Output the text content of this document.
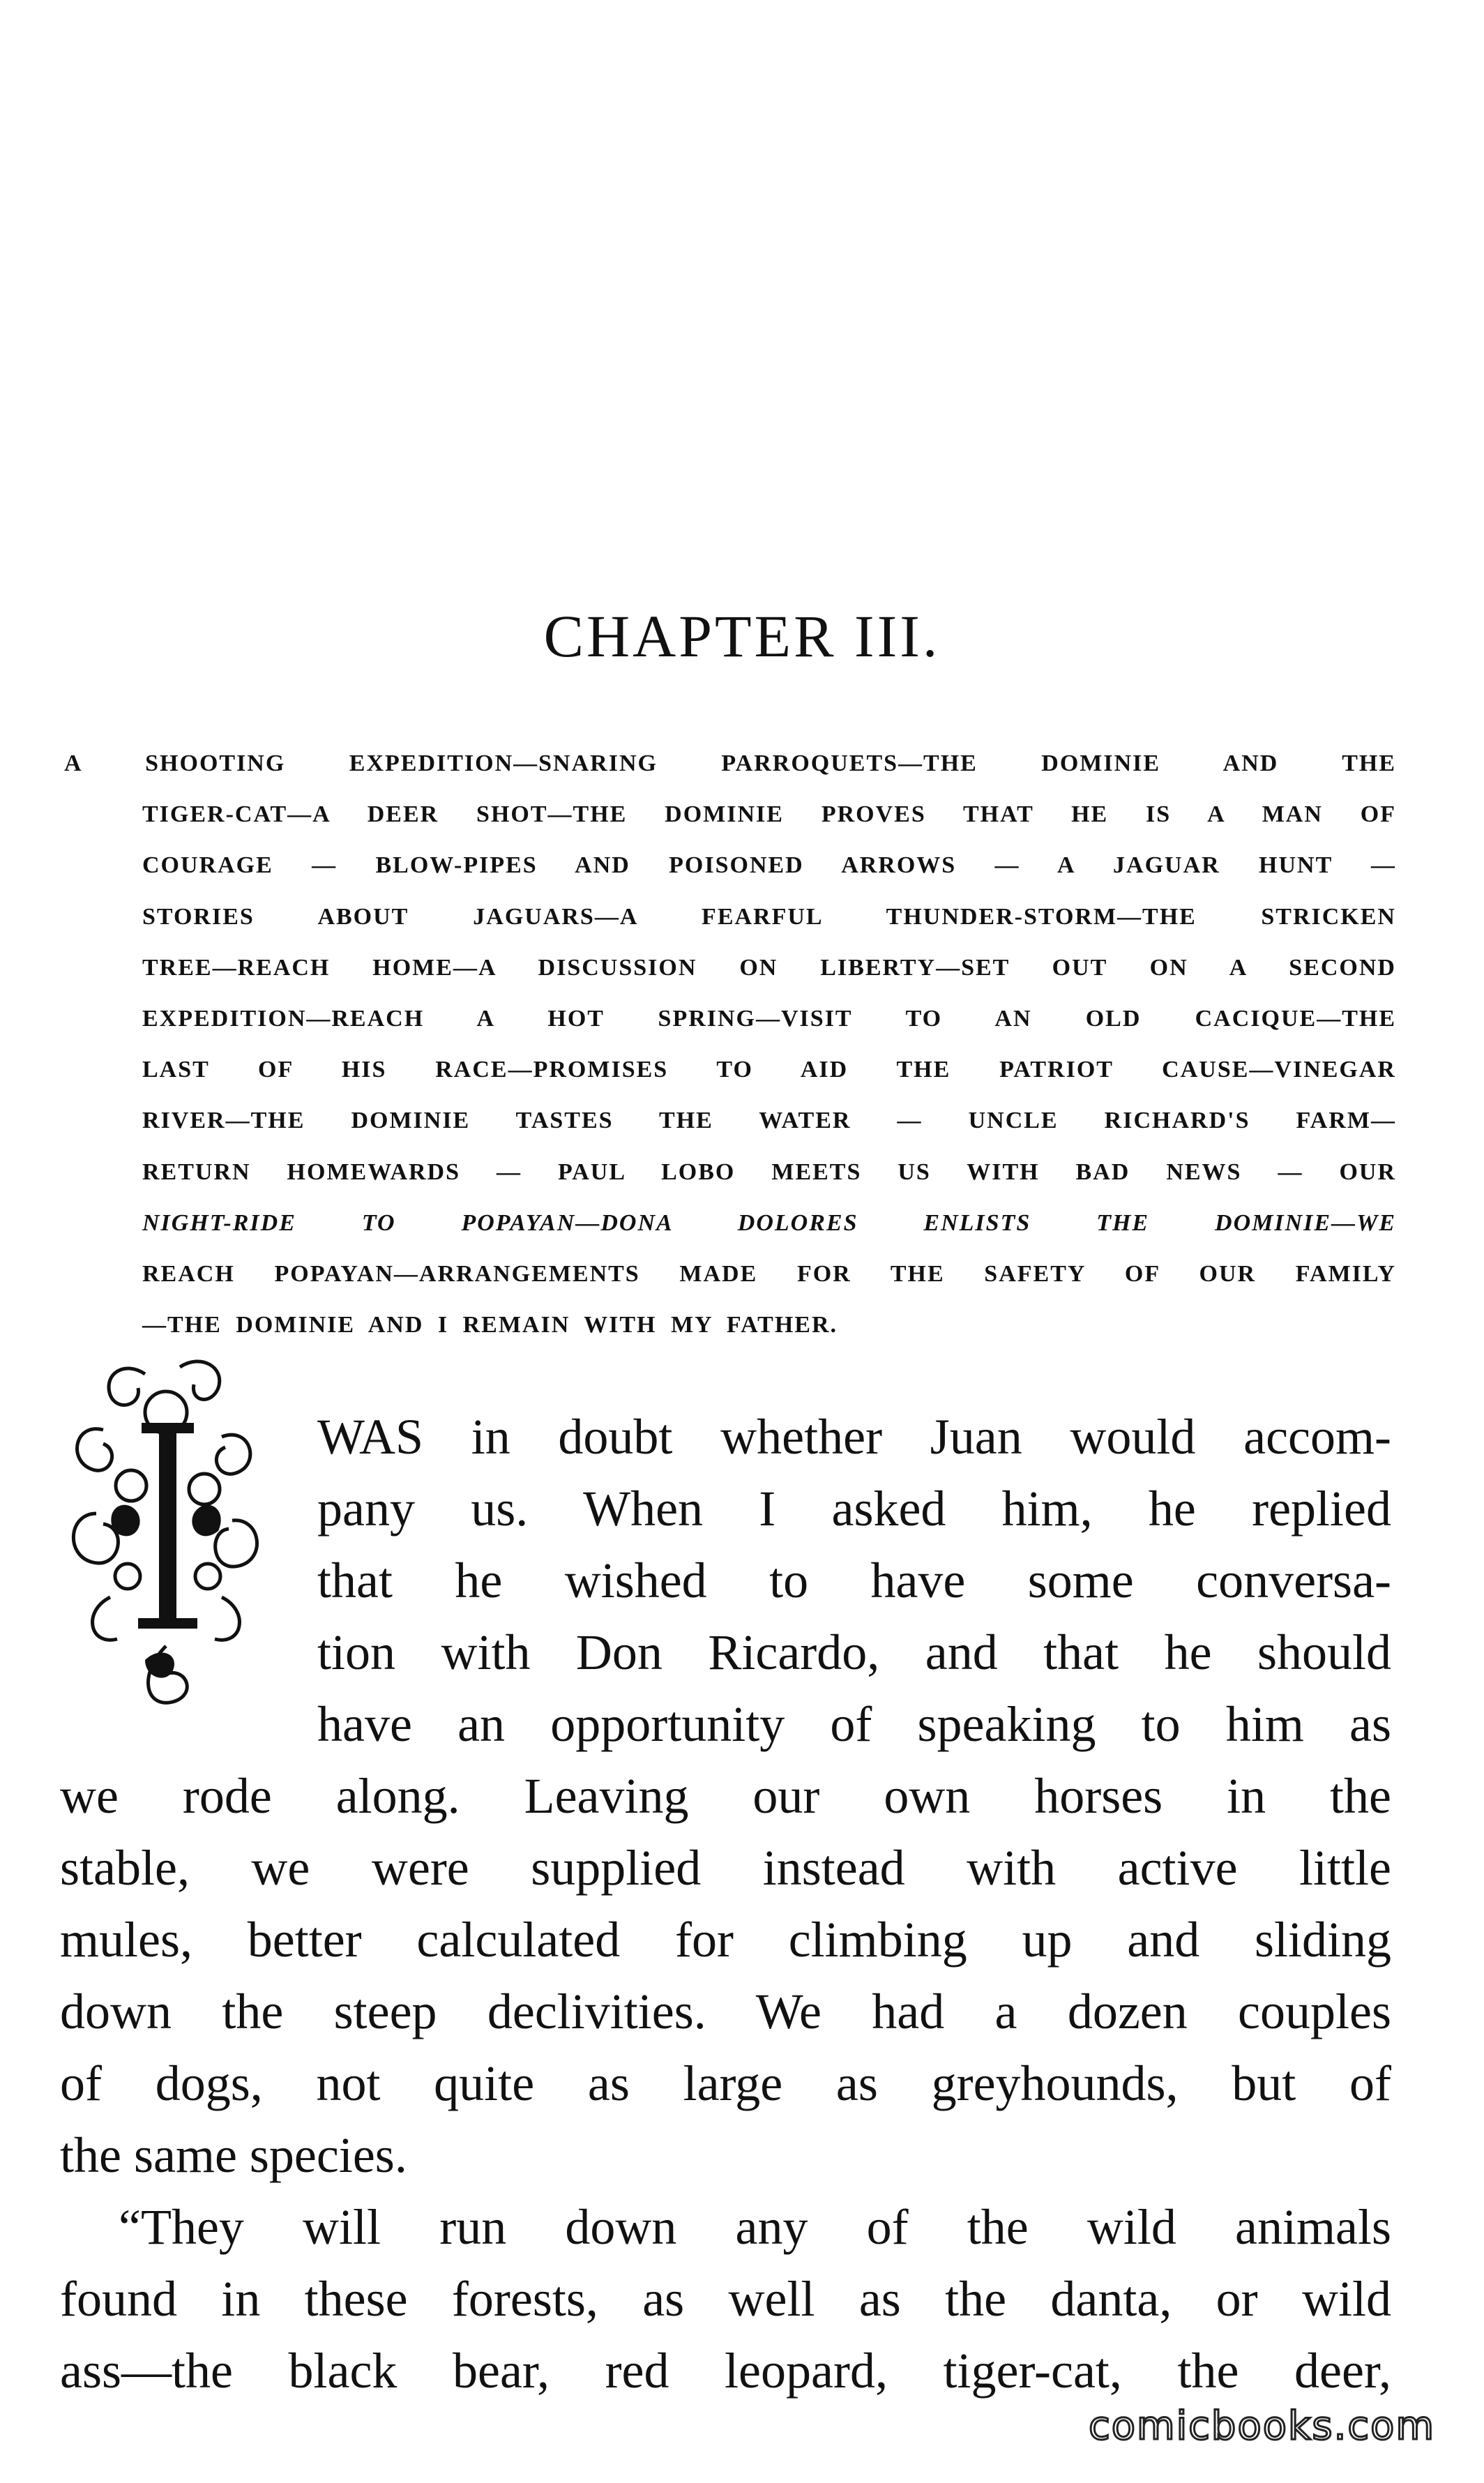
CHAPTER III.
A SHOOTING EXPEDITION—SNARING PARROQUETS—THE DOMINIE AND THE
TIGER-CAT—A DEER SHOT—THE DOMINIE PROVES THAT HE IS A MAN OF
COURAGE — BLOW-PIPES AND POISONED ARROWS — A JAGUAR HUNT —
STORIES ABOUT JAGUARS—A FEARFUL THUNDER-STORM—THE STRICKEN
TREE—REACH HOME—A DISCUSSION ON LIBERTY—SET OUT ON A SECOND
EXPEDITION—REACH A HOT SPRING—VISIT TO AN OLD CACIQUE—THE
LAST OF HIS RACE—PROMISES TO AID THE PATRIOT CAUSE—VINEGAR
RIVER—THE DOMINIE TASTES THE WATER — UNCLE RICHARD'S FARM—
RETURN HOMEWARDS — PAUL LOBO MEETS US WITH BAD NEWS — OUR
NIGHT-RIDE TO POPAYAN—DONA DOLORES ENLISTS THE DOMINIE—WE
REACH POPAYAN—ARRANGEMENTS MADE FOR THE SAFETY OF OUR FAMILY
—THE DOMINIE AND I REMAIN WITH MY FATHER.
WAS in doubt whether Juan would accom-
pany us. When I asked him, he replied
that he wished to have some conversa-
tion with Don Ricardo, and that he should
have an opportunity of speaking to him as
we rode along. Leaving our own horses in the
stable, we were supplied instead with active little
mules, better calculated for climbing up and sliding
down the steep declivities. We had a dozen couples
of dogs, not quite as large as greyhounds, but of
the same species.
“They will run down any of the wild animals
found in these forests, as well as the danta, or wild
ass—the black bear, red leopard, tiger-cat, the deer,
comicbooks.com
